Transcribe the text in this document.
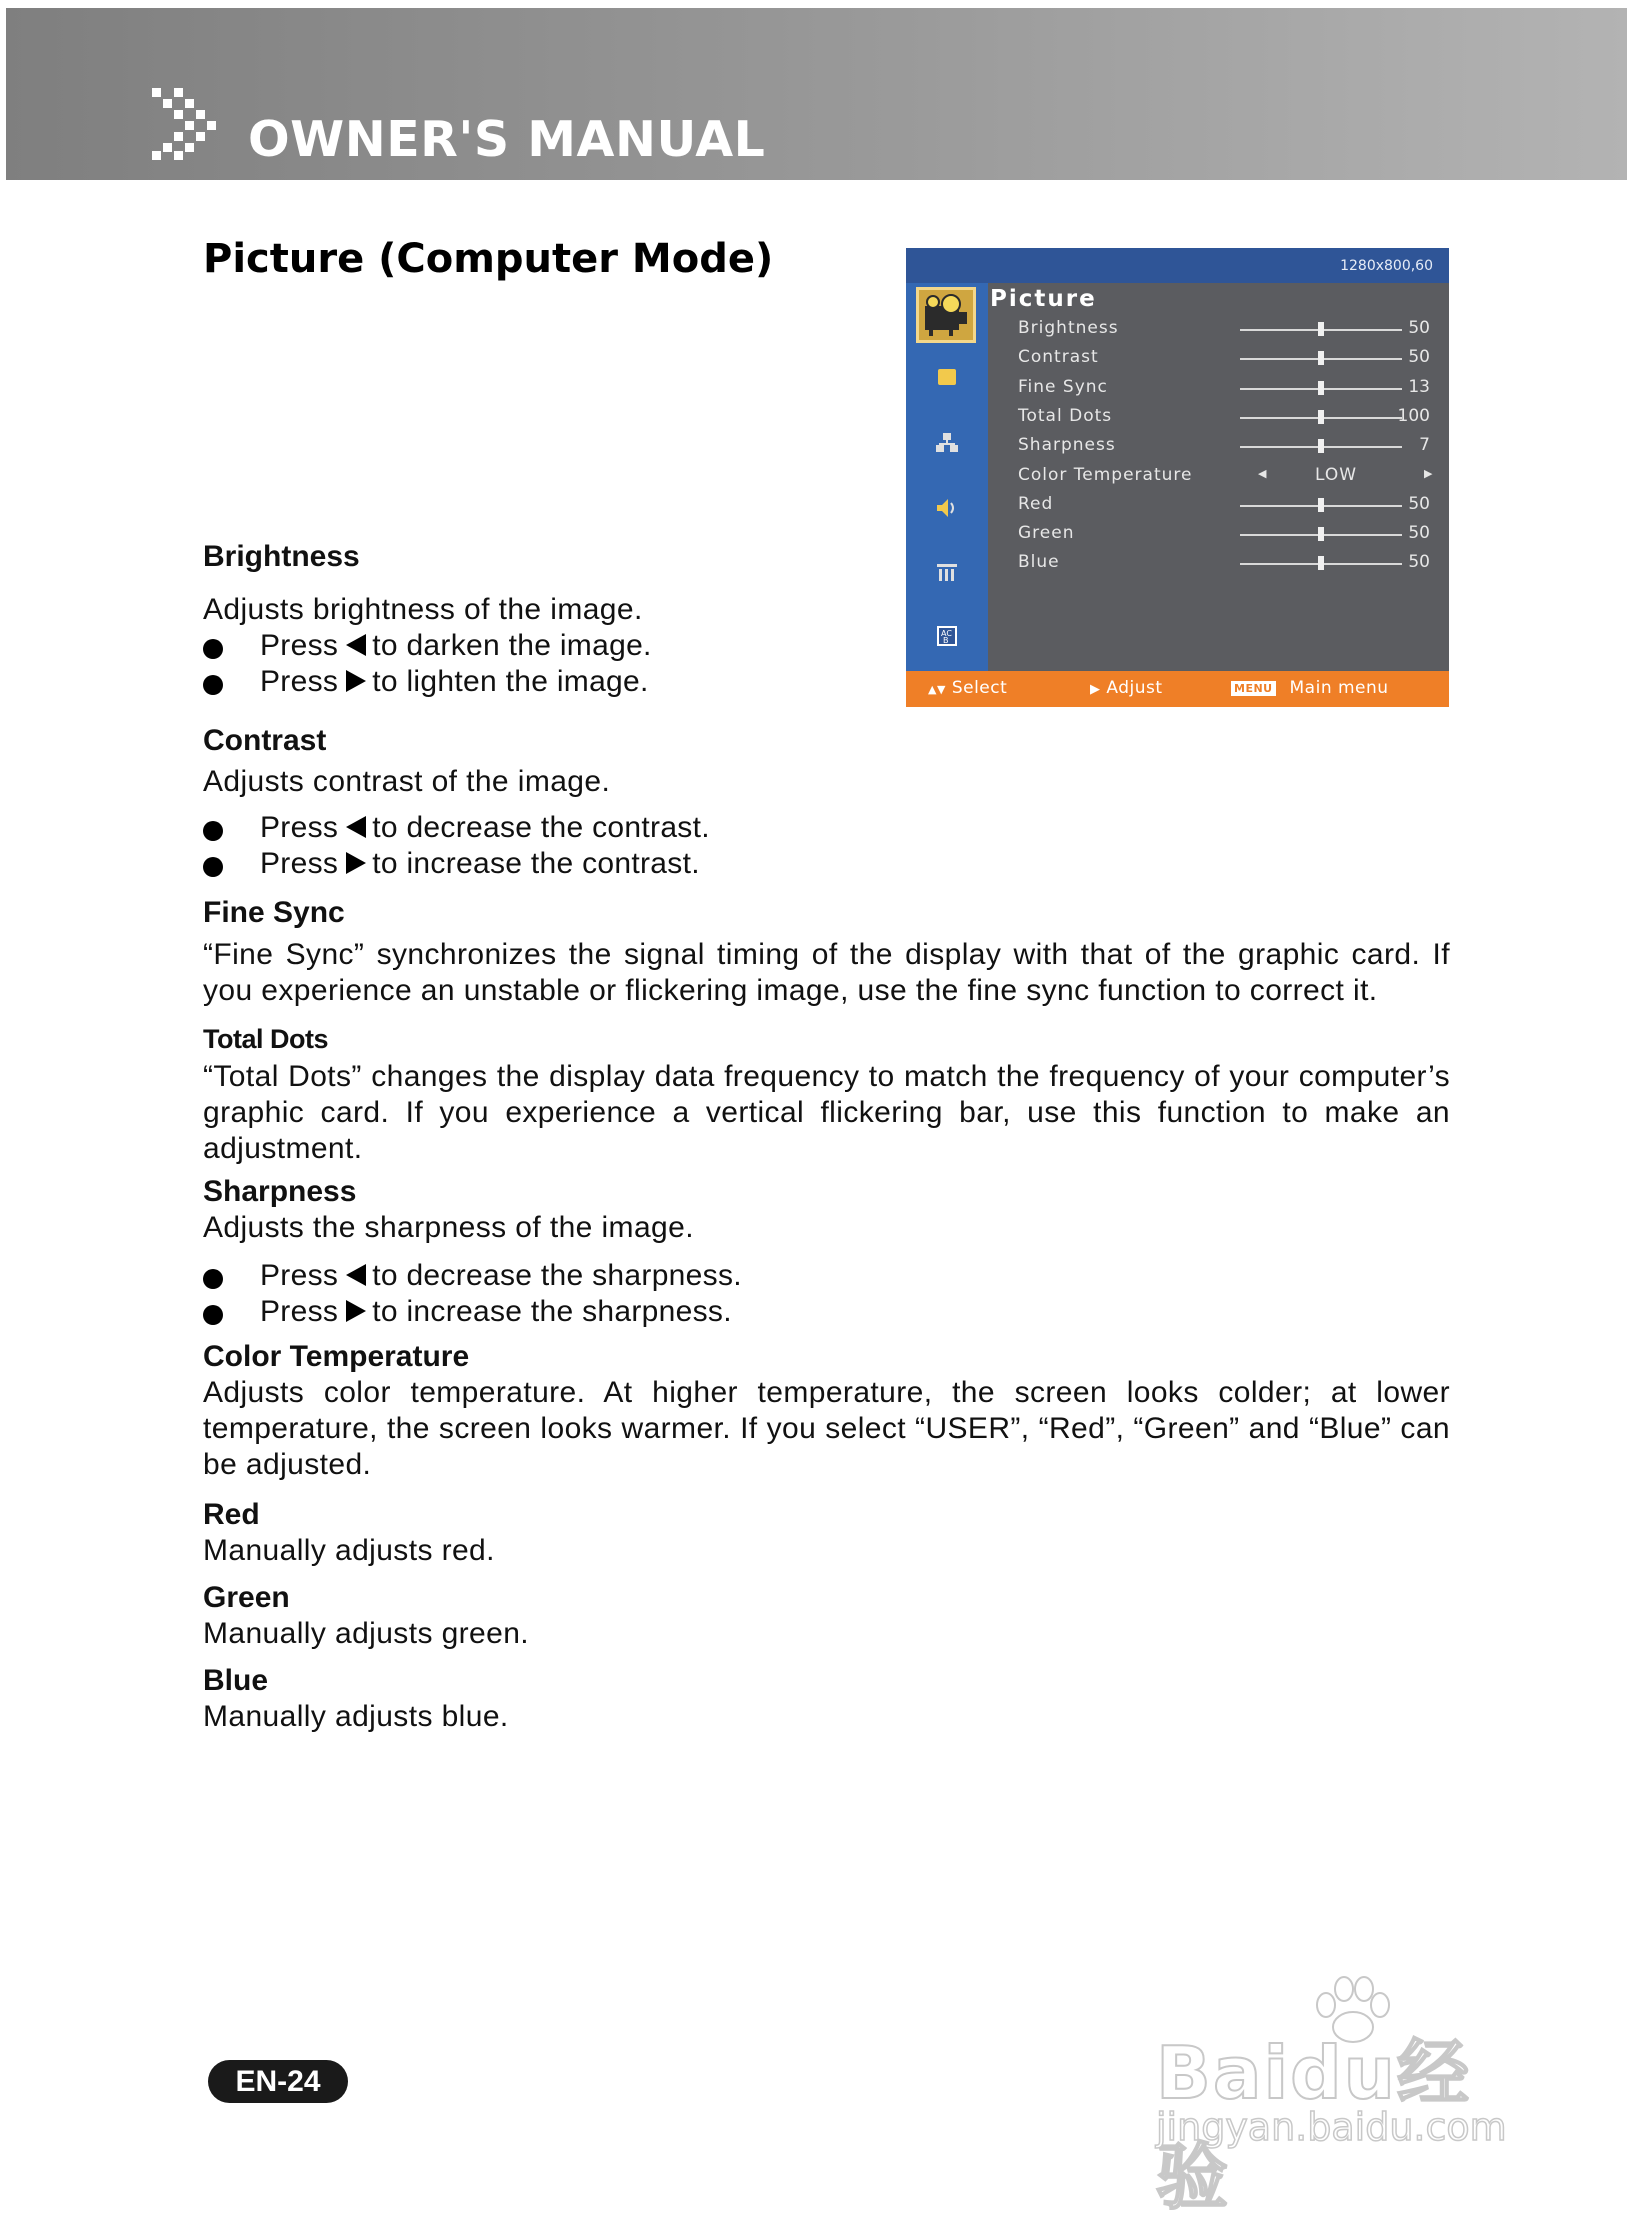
OWNER'S MANUAL
Picture (Computer Mode)	1280x800,60
AC
B
Picture
▲▼ Select	▶ Adjust	MENU Main menu
Brightness	50
Contrast	50
Fine Sync	13
Total Dots	100
Sharpness	7
Color Temperature	◀	LOW	▶
Red	50
Green	50
Blue	50

Brightness

Adjusts brightness of the image.

Press to darken the image.
Press to lighten the image.

Contrast

Adjusts contrast of the image.

Press to decrease the contrast.
Press to increase the contrast.

Fine Sync

“Fine Sync” synchronizes the signal timing of the display with that of the graphic card. If you experience an unstable or flickering image, use the fine sync function to correct it.

Total Dots

“Total Dots” changes the display data frequency to match the frequency of your computer’s graphic card. If you experience a vertical flickering bar, use this function to make an adjustment.

Sharpness

Adjusts the sharpness of the image.

Press to decrease the sharpness.
Press to increase the sharpness.

Color Temperature

Adjusts color temperature. At higher temperature, the screen looks colder; at lower temperature, the screen looks warmer. If you select “USER”, “Red”, “Green” and “Blue” can be adjusted.

Red

Manually adjusts red.

Green

Manually adjusts green.

Blue

Manually adjusts blue.

EN-24	Baidu经验
jingyan.baidu.com
